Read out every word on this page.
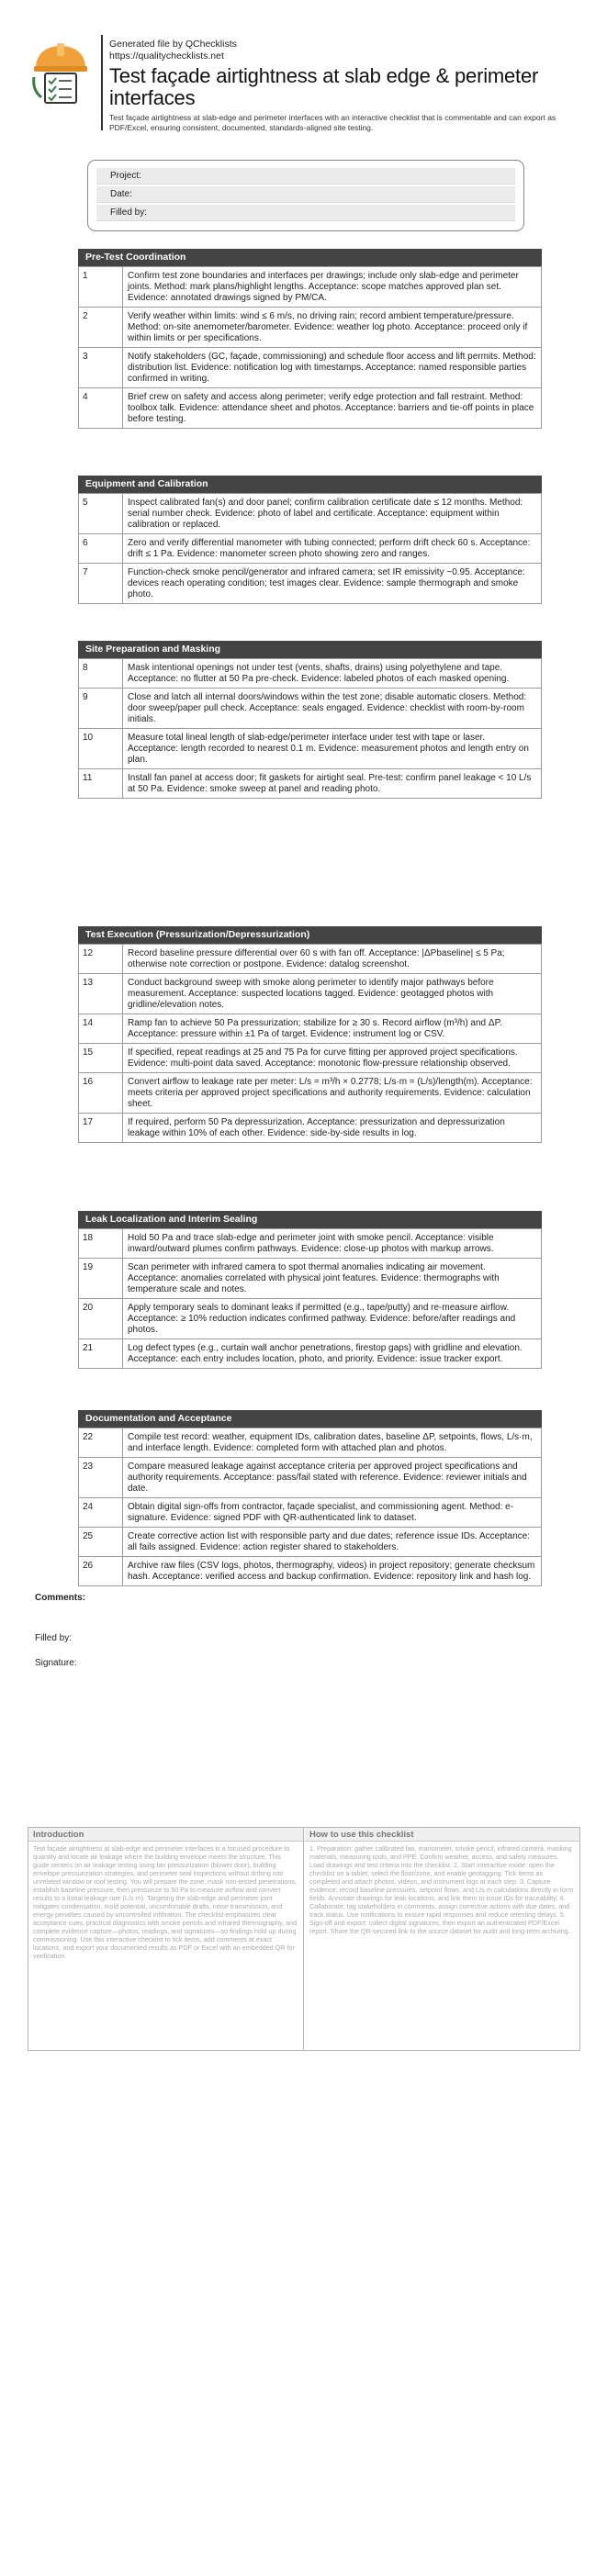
Generated file by QChecklists
https://qualitychecklists.net
Test façade airtightness at slab edge & perimeter interfaces
Test façade airtightness at slab-edge and perimeter interfaces with an interactive checklist that is commentable and can export as PDF/Excel, ensuring consistent, documented, standards-aligned site testing.
Project:
Date:
Filled by:
Pre-Test Coordination
1	Confirm test zone boundaries and interfaces per drawings; include only slab-edge and perimeter joints. Method: mark plans/highlight lengths. Acceptance: scope matches approved plan set. Evidence: annotated drawings signed by PM/CA.
2	Verify weather within limits: wind ≤ 6 m/s, no driving rain; record ambient temperature/pressure. Method: on-site anemometer/barometer. Evidence: weather log photo. Acceptance: proceed only if within limits or per specifications.
3	Notify stakeholders (GC, façade, commissioning) and schedule floor access and lift permits. Method: distribution list. Evidence: notification log with timestamps. Acceptance: named responsible parties confirmed in writing.
4	Brief crew on safety and access along perimeter; verify edge protection and fall restraint. Method: toolbox talk. Evidence: attendance sheet and photos. Acceptance: barriers and tie-off points in place before testing.
Equipment and Calibration
5	Inspect calibrated fan(s) and door panel; confirm calibration certificate date ≤ 12 months. Method: serial number check. Evidence: photo of label and certificate. Acceptance: equipment within calibration or replaced.
6	Zero and verify differential manometer with tubing connected; perform drift check 60 s. Acceptance: drift ≤ 1 Pa. Evidence: manometer screen photo showing zero and ranges.
7	Function-check smoke pencil/generator and infrared camera; set IR emissivity ~0.95. Acceptance: devices reach operating condition; test images clear. Evidence: sample thermograph and smoke photo.
Site Preparation and Masking
8	Mask intentional openings not under test (vents, shafts, drains) using polyethylene and tape. Acceptance: no flutter at 50 Pa pre-check. Evidence: labeled photos of each masked opening.
9	Close and latch all internal doors/windows within the test zone; disable automatic closers. Method: door sweep/paper pull check. Acceptance: seals engaged. Evidence: checklist with room-by-room initials.
10	Measure total lineal length of slab-edge/perimeter interface under test with tape or laser. Acceptance: length recorded to nearest 0.1 m. Evidence: measurement photos and length entry on plan.
11	Install fan panel at access door; fit gaskets for airtight seal. Pre-test: confirm panel leakage < 10 L/s at 50 Pa. Evidence: smoke sweep at panel and reading photo.
Test Execution (Pressurization/Depressurization)
12	Record baseline pressure differential over 60 s with fan off. Acceptance: |ΔPbaseline| ≤ 5 Pa; otherwise note correction or postpone. Evidence: datalog screenshot.
13	Conduct background sweep with smoke along perimeter to identify major pathways before measurement. Acceptance: suspected locations tagged. Evidence: geotagged photos with gridline/elevation notes.
14	Ramp fan to achieve 50 Pa pressurization; stabilize for ≥ 30 s. Record airflow (m³/h) and ΔP. Acceptance: pressure within ±1 Pa of target. Evidence: instrument log or CSV.
15	If specified, repeat readings at 25 and 75 Pa for curve fitting per approved project specifications. Evidence: multi-point data saved. Acceptance: monotonic flow-pressure relationship observed.
16	Convert airflow to leakage rate per meter: L/s = m³/h × 0.2778; L/s·m = (L/s)/length(m). Acceptance: meets criteria per approved project specifications and authority requirements. Evidence: calculation sheet.
17	If required, perform 50 Pa depressurization. Acceptance: pressurization and depressurization leakage within 10% of each other. Evidence: side-by-side results in log.
Leak Localization and Interim Sealing
18	Hold 50 Pa and trace slab-edge and perimeter joint with smoke pencil. Acceptance: visible inward/outward plumes confirm pathways. Evidence: close-up photos with markup arrows.
19	Scan perimeter with infrared camera to spot thermal anomalies indicating air movement. Acceptance: anomalies correlated with physical joint features. Evidence: thermographs with temperature scale and notes.
20	Apply temporary seals to dominant leaks if permitted (e.g., tape/putty) and re-measure airflow. Acceptance: ≥ 10% reduction indicates confirmed pathway. Evidence: before/after readings and photos.
21	Log defect types (e.g., curtain wall anchor penetrations, firestop gaps) with gridline and elevation. Acceptance: each entry includes location, photo, and priority. Evidence: issue tracker export.
Documentation and Acceptance
22	Compile test record: weather, equipment IDs, calibration dates, baseline ΔP, setpoints, flows, L/s·m, and interface length. Evidence: completed form with attached plan and photos.
23	Compare measured leakage against acceptance criteria per approved project specifications and authority requirements. Acceptance: pass/fail stated with reference. Evidence: reviewer initials and date.
24	Obtain digital sign-offs from contractor, façade specialist, and commissioning agent. Method: e-signature. Evidence: signed PDF with QR-authenticated link to dataset.
25	Create corrective action list with responsible party and due dates; reference issue IDs. Acceptance: all fails assigned. Evidence: action register shared to stakeholders.
26	Archive raw files (CSV logs, photos, thermography, videos) in project repository; generate checksum hash. Acceptance: verified access and backup confirmation. Evidence: repository link and hash log.
Comments:
Filled by:
Signature:
Introduction
Test façade airtightness at slab-edge and perimeter interfaces is a focused procedure to quantify and locate air leakage where the building envelope meets the structure. This guide centers on air leakage testing using fan pressurization (blower door), building envelope pressurization strategies, and perimeter seal inspections without drifting into unrelated window or roof testing. You will prepare the zone, mask non-tested penetrations, establish baseline pressure, then pressurize to 50 Pa to measure airflow and convert results to a lineal leakage rate (L/s·m). Targeting the slab-edge and perimeter joint mitigates condensation, mold potential, uncomfortable drafts, noise transmission, and energy penalties caused by uncontrolled infiltration. The checklist emphasizes clear acceptance cues, practical diagnostics with smoke pencils and infrared thermography, and complete evidence capture—photos, readings, and signatures—so findings hold up during commissioning. Use this interactive checklist to tick items, add comments at exact locations, and export your documented results as PDF or Excel with an embedded QR for verification.
How to use this checklist
1. Preparation: gather calibrated fan, manometer, smoke pencil, infrared camera, masking materials, measuring tools, and PPE. Confirm weather, access, and safety measures. Load drawings and test criteria into the checklist. 2. Start interactive mode: open the checklist on a tablet; select the floor/zone, and enable geotagging. Tick items as completed and attach photos, videos, and instrument logs at each step. 3. Capture evidence: record baseline pressures, setpoint flows, and L/s·m calculations directly in form fields. Annotate drawings for leak locations, and link them to issue IDs for traceability. 4. Collaborate: tag stakeholders in comments, assign corrective actions with due dates, and track status. Use notifications to ensure rapid responses and reduce retesting delays. 5. Sign-off and export: collect digital signatures, then export an authenticated PDF/Excel report. Share the QR-secured link to the source dataset for audit and long-term archiving.
